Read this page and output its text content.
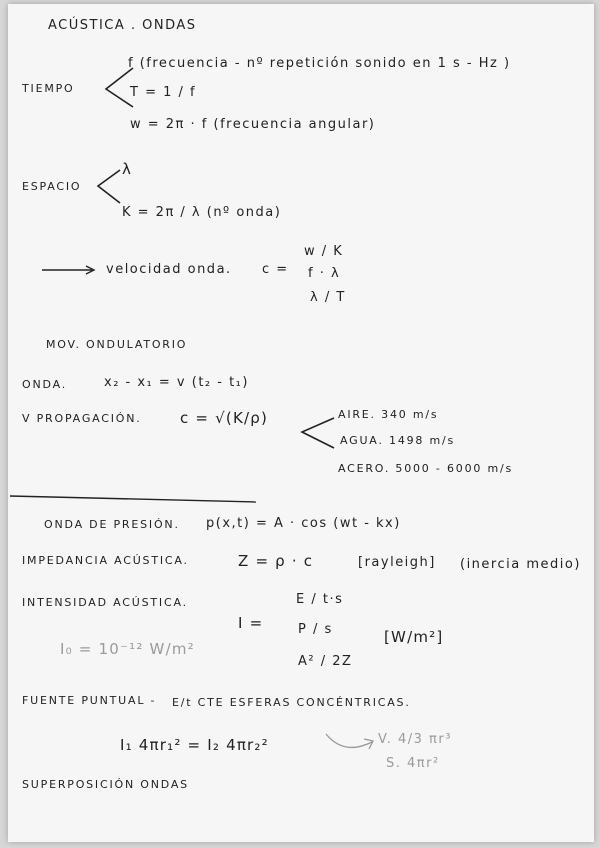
ACÚSTICA . ONDAS
TIEMPO
f (frecuencia - nº repetición sonido en 1 s - Hz )
T = 1 / f
w = 2π · f (frecuencia angular)
ESPACIO
λ
K = 2π / λ (nº onda)
velocidad onda. c =
w / K
f · λ
λ / T
MOV. ONDULATORIO
ONDA.	x₂ - x₁ = v (t₂ - t₁)
V PROPAGACIÓN.	c = √(K/ρ)	AIRE. 340 m/s
AGUA. 1498 m/s
ACERO. 5000 - 6000 m/s
ONDA DE PRESIÓN. p(x,t) = A · cos (wt - kx)
IMPEDANCIA ACÚSTICA.	Z = ρ · c	[rayleigh] (inercia medio)
INTENSIDAD ACÚSTICA.
I =
E / t·s
P / s
A² / 2Z
[W/m²]
I₀ = 10⁻¹² W/m²
FUENTE PUNTUAL - E/t CTE ESFERAS CONCÉNTRICAS.
I₁ 4πr₁² = I₂ 4πr₂²	V. 4/3 πr³
S. 4πr²
SUPERPOSICIÓN ONDAS
